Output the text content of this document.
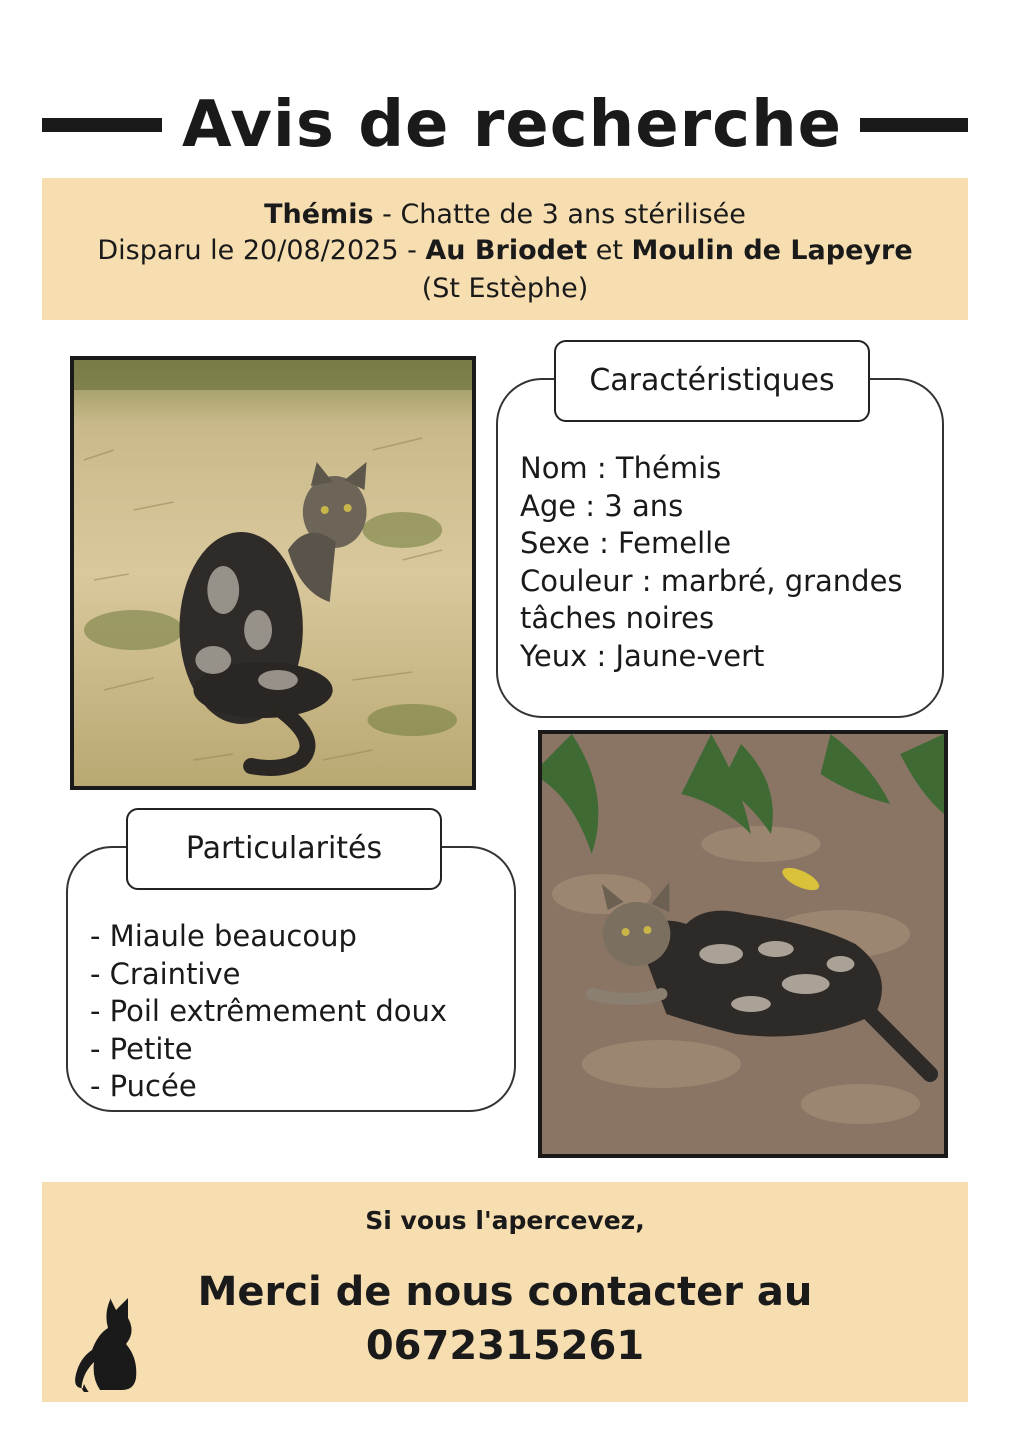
Avis de recherche
Thémis - Chatte de 3 ans stérilisée
Disparu le 20/08/2025 - Au Briodet et Moulin de Lapeyre
(St Estèphe)
Caractéristiques
Nom : Thémis
Age : 3 ans
Sexe : Femelle
Couleur : marbré, grandes
tâches noires
Yeux : Jaune-vert
Particularités
- Miaule beaucoup
- Craintive
- Poil extrêmement doux
- Petite
- Pucée
Si vous l'apercevez,
Merci de nous contacter au
0672315261
